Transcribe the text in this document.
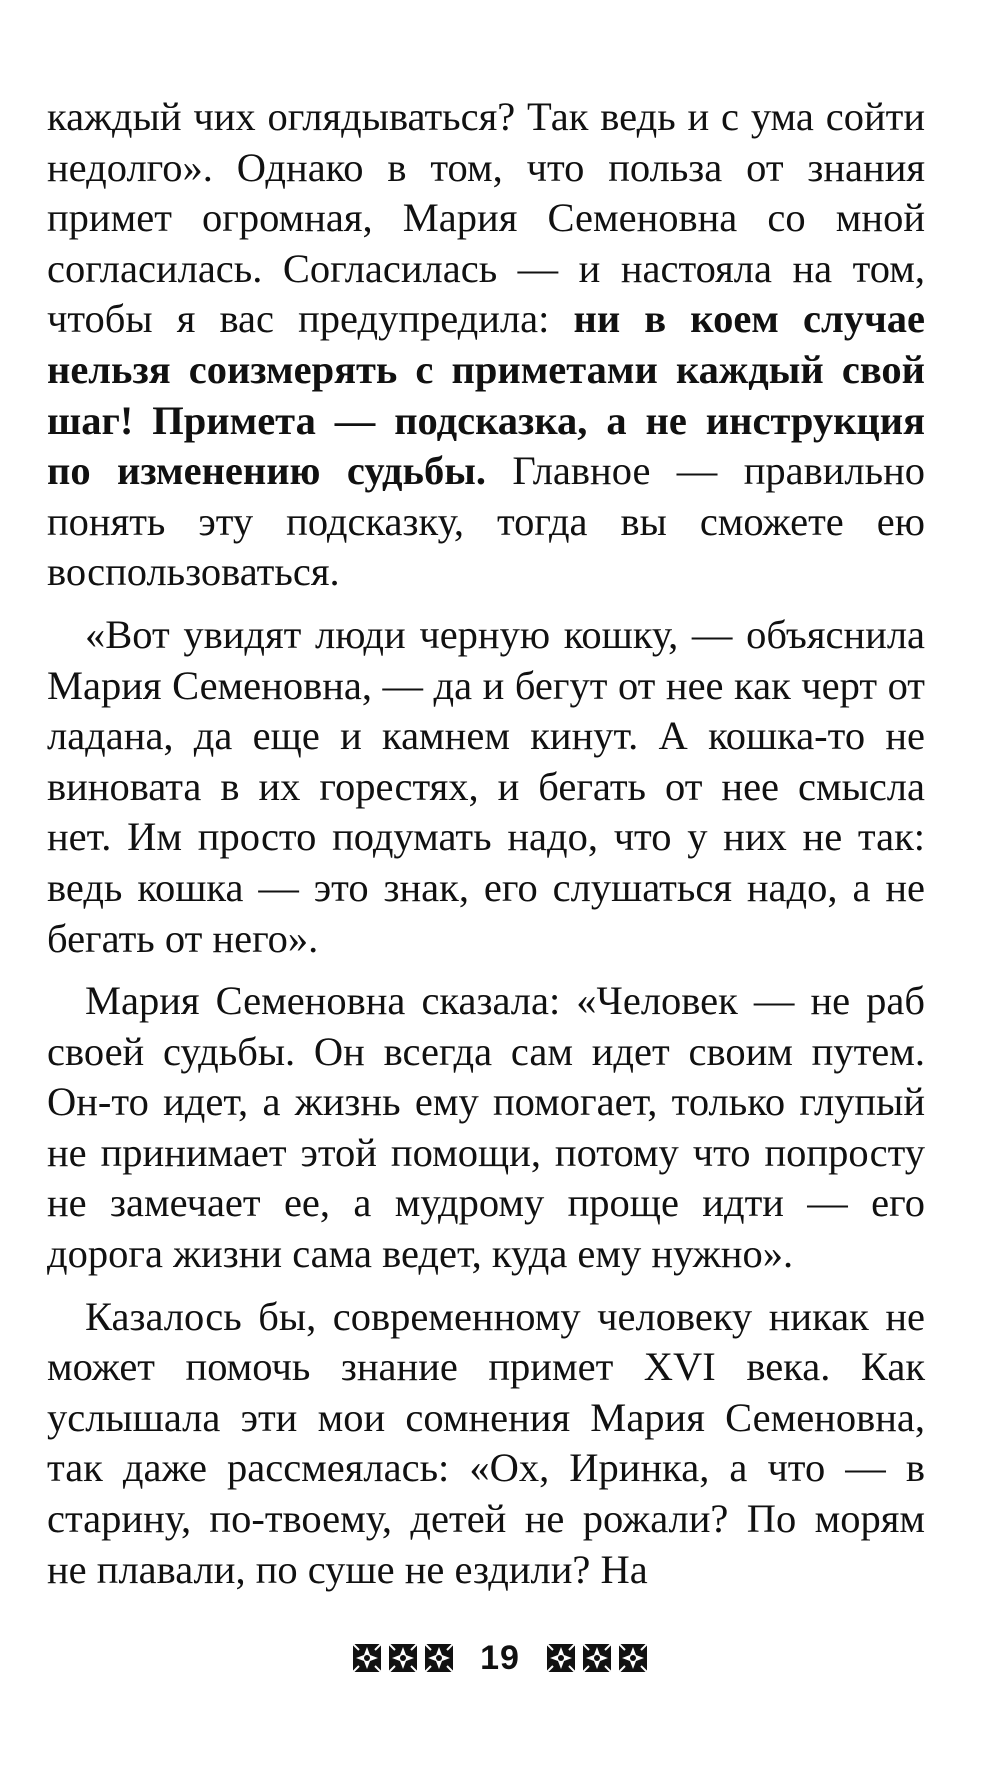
каждый чих оглядываться? Так ведь и с ума сойти недолго». Однако в том, что польза от знания примет огромная, Мария Семеновна со мной согласилась. Согласилась — и настояла на том, чтобы я вас предупредила: ни в коем случае нельзя соизмерять с приметами каждый свой шаг! Примета — подсказка, а не инструкция по изменению судьбы. Главное — правильно понять эту подсказку, тогда вы сможете ею воспользоваться.

«Вот увидят люди черную кошку, — объяснила Мария Семеновна, — да и бегут от нее как черт от ладана, да еще и камнем кинут. А кошка-то не виновата в их горестях, и бегать от нее смысла нет. Им просто подумать надо, что у них не так: ведь кошка — это знак, его слушаться надо, а не бегать от него».

Мария Семеновна сказала: «Человек — не раб своей судьбы. Он всегда сам идет своим путем. Он-то идет, а жизнь ему помогает, только глупый не принимает этой помощи, потому что попросту не замечает ее, а мудрому проще идти — его дорога жизни сама ведет, куда ему нужно».

Казалось бы, современному человеку никак не может помочь знание примет XVI века. Как услышала эти мои сомнения Мария Семеновна, так даже рассмеялась: «Ох, Иринка, а что — в старину, по-твоему, детей не рожали? По морям не плавали, по суше не ездили? На

19
